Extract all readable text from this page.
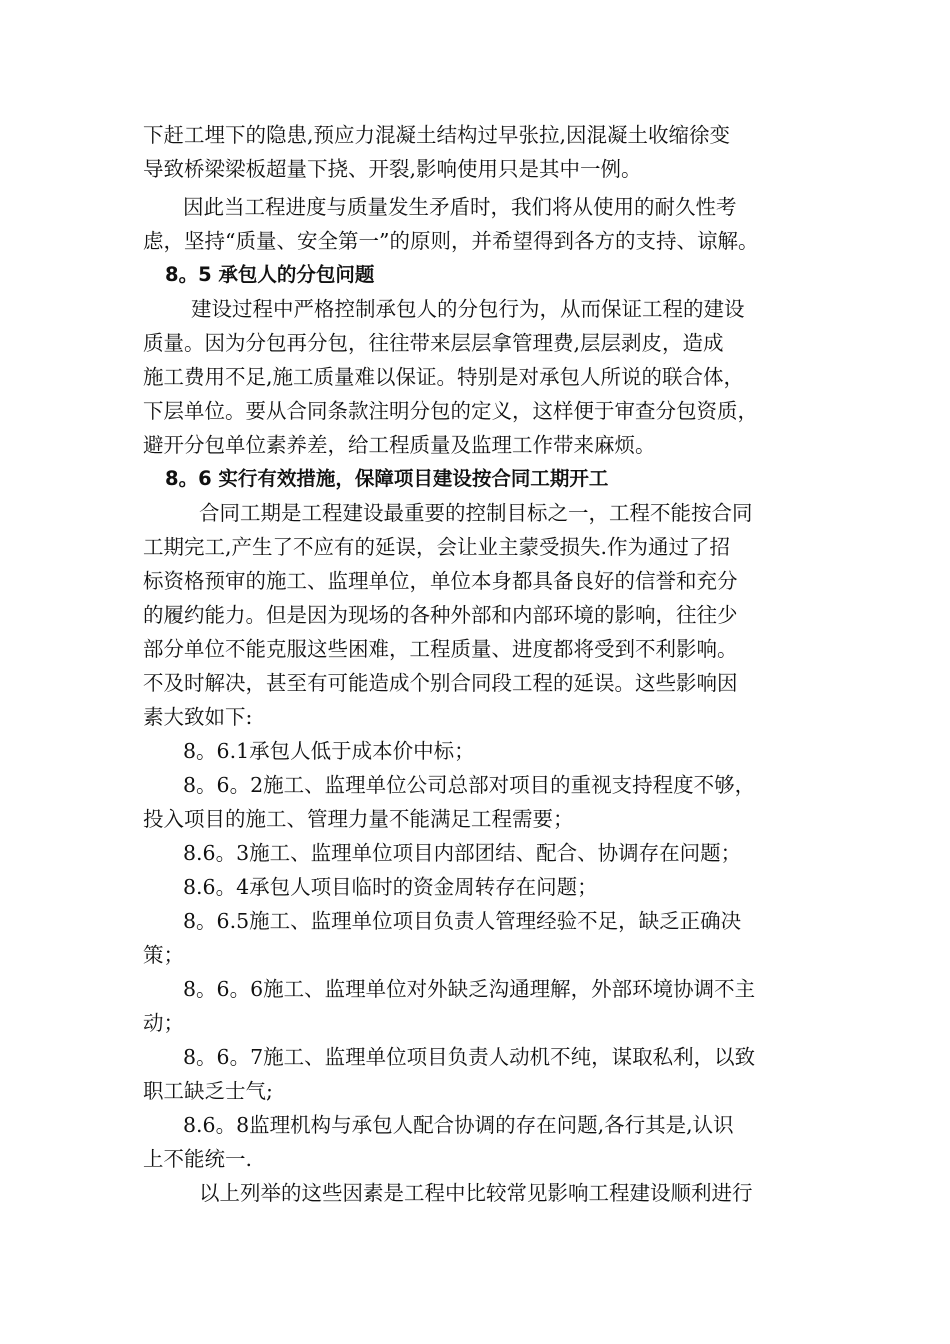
下赶工埋下的隐患,预应力混凝土结构过早张拉,因混凝土收缩徐变
导致桥梁梁板超量下挠、开裂,影响使用只是其中一例。
因此当工程进度与质量发生矛盾时，我们将从使用的耐久性考
虑，坚持“质量、安全第一”的原则，并希望得到各方的支持、谅解。
8。5 承包人的分包问题
建设过程中严格控制承包人的分包行为，从而保证工程的建设
质量。因为分包再分包，往往带来层层拿管理费,层层剥皮，造成
施工费用不足,施工质量难以保证。特别是对承包人所说的联合体，
下层单位。要从合同条款注明分包的定义，这样便于审查分包资质，
避开分包单位素养差，给工程质量及监理工作带来麻烦。
8。6 实行有效措施，保障项目建设按合同工期开工
合同工期是工程建设最重要的控制目标之一，工程不能按合同
工期完工,产生了不应有的延误，会让业主蒙受损失.作为通过了招
标资格预审的施工、监理单位，单位本身都具备良好的信誉和充分
的履约能力。但是因为现场的各种外部和内部环境的影响，往往少
部分单位不能克服这些困难，工程质量、进度都将受到不利影响。
不及时解决，甚至有可能造成个别合同段工程的延误。这些影响因
素大致如下:
8。6.1承包人低于成本价中标；
8。6。2施工、监理单位公司总部对项目的重视支持程度不够，
投入项目的施工、管理力量不能满足工程需要；
8.6。3施工、监理单位项目内部团结、配合、协调存在问题；
8.6。4承包人项目临时的资金周转存在问题；
8。6.5施工、监理单位项目负责人管理经验不足，缺乏正确决
策；
8。6。6施工、监理单位对外缺乏沟通理解，外部环境协调不主
动；
8。6。7施工、监理单位项目负责人动机不纯，谋取私利，以致
职工缺乏士气;
8.6。8监理机构与承包人配合协调的存在问题,各行其是,认识
上不能统一.
以上列举的这些因素是工程中比较常见影响工程建设顺利进行
